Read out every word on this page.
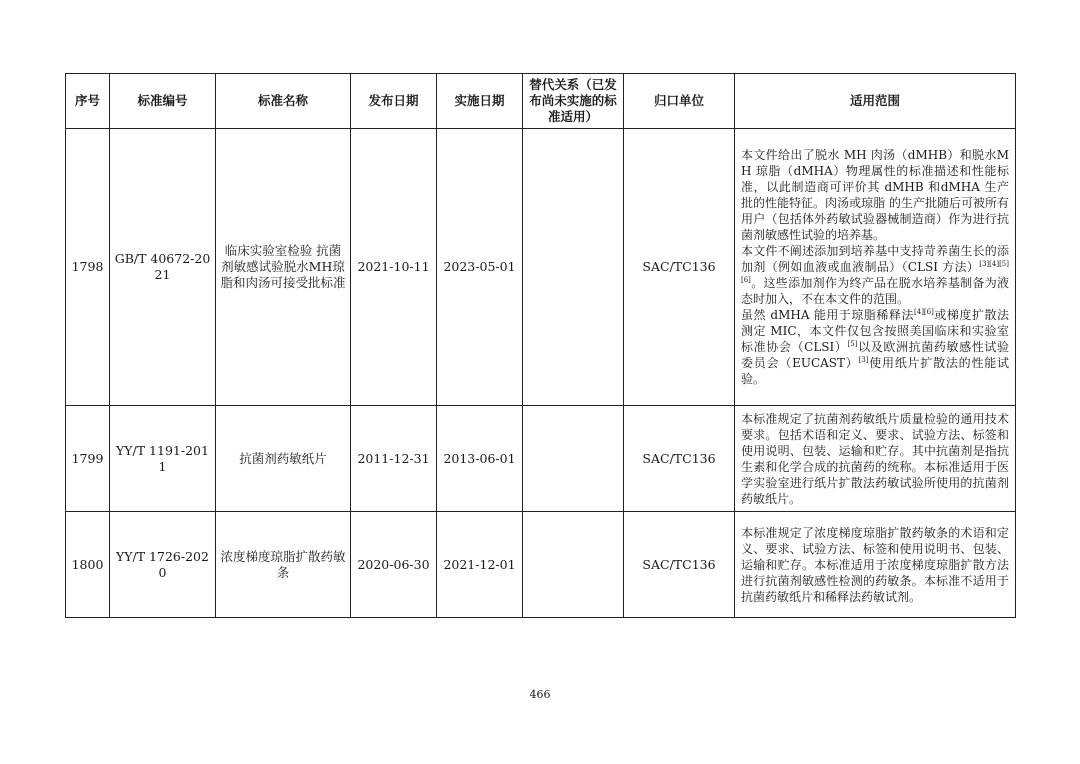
序号	标准编号	标准名称	发布日期	实施日期	替代关系（已发布尚未实施的标准适用）	归口单位	适用范围
1798	GB/T 40672-2021	临床实验室检验 抗菌剂敏感试验脱水MH琼脂和肉汤可接受批标准	2021-10-11	2023-05-01		SAC/TC136	本文件给出了脱水 MH 肉汤（dMHB）和脱水MH 琼脂（dMHA）物理属性的标准描述和性能标准，以此制造商可评价其 dMHB 和dMHA 生产批的性能特征。肉汤或琼脂 的生产批随后可被所有用户（包括体外药敏试验器械制造商）作为进行抗菌剂敏感性试验的培养基。

本文件不阐述添加到培养基中支持苛养菌生长的添加剂（例如血液或血液制品）（CLSI 方法）[3][4][5][6]。这些添加剂作为终产品在脱水培养基制备为液态时加入，不在本文件的范围。

虽然 dMHA 能用于琼脂稀释法[4][6]或梯度扩散法测定 MIC，本文件仅包含按照美国临床和实验室标准协会（CLSI）[5]以及欧洲抗菌药敏感性试验委员会（EUCAST）[3]使用纸片扩散法的性能试验。

1799	YY/T 1191-2011	抗菌剂药敏纸片	2011-12-31	2013-06-01		SAC/TC136	本标准规定了抗菌剂药敏纸片质量检验的通用技术要求。包括术语和定义、要求、试验方法、标签和使用说明、包装、运输和贮存。其中抗菌剂是指抗生素和化学合成的抗菌药的统称。本标准适用于医学实验室进行纸片扩散法药敏试验所使用的抗菌剂药敏纸片。

1800	YY/T 1726-2020	浓度梯度琼脂扩散药敏条	2020-06-30	2021-12-01		SAC/TC136	本标准规定了浓度梯度琼脂扩散药敏条的术语和定义、要求、试验方法、标签和使用说明书、包装、运输和贮存。本标准适用于浓度梯度琼脂扩散方法进行抗菌剂敏感性检测的药敏条。本标准不适用于抗菌药敏纸片和稀释法药敏试剂。

466
